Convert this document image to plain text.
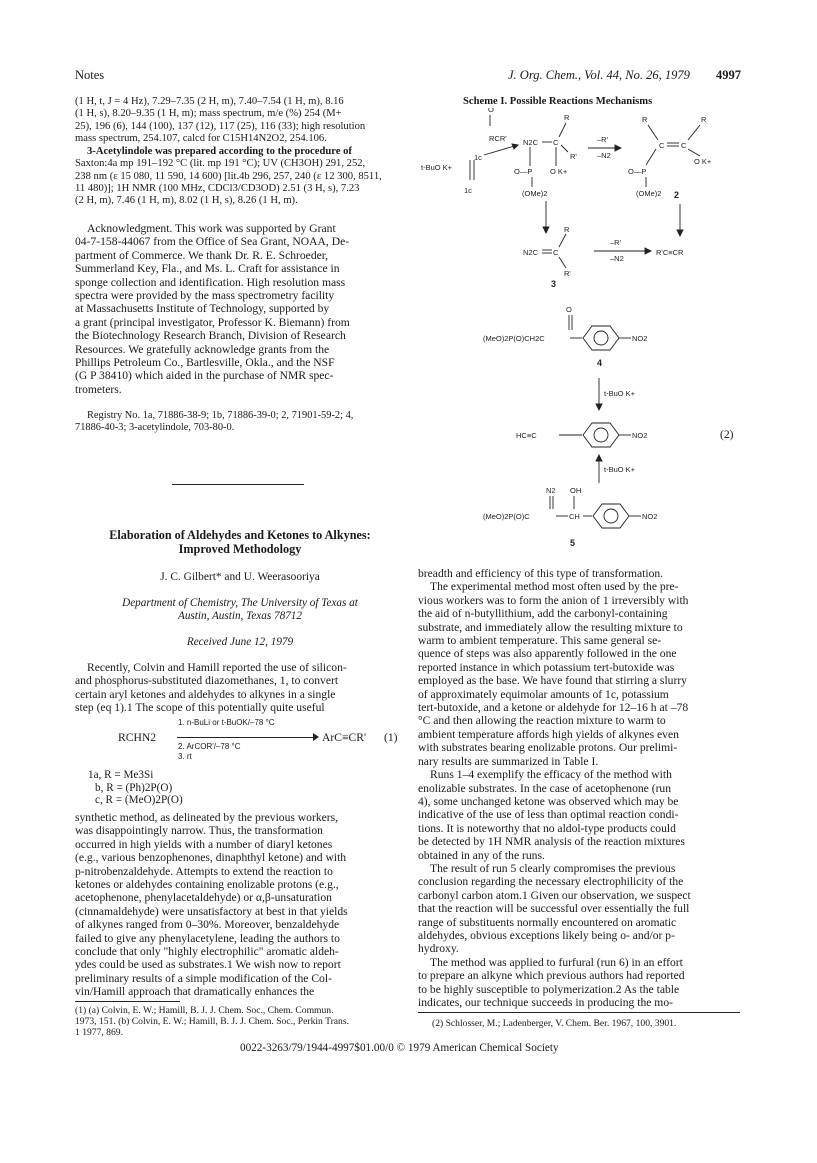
Notes	J. Org. Chem., Vol. 44, No. 26, 1979 4997

(1 H, t, J = 4 Hz), 7.29–7.35 (2 H, m), 7.40–7.54 (1 H, m), 8.16

(1 H, s), 8.20–9.35 (1 H, m); mass spectrum, m/e (%) 254 (M+

25), 196 (6), 144 (100), 137 (12), 117 (25), 116 (33); high resolution

mass spectrum, 254.107, calcd for C15H14N2O2, 254.106.

3-Acetylindole was prepared according to the procedure of

Saxton:4a mp 191–192 °C (lit. mp 191 °C); UV (CH3OH) 291, 252,

238 nm (ε 15 080, 11 590, 14 600) [lit.4b 296, 257, 240 (ε 12 300, 8511,

11 480)]; 1H NMR (100 MHz, CDCl3/CD3OD) 2.51 (3 H, s), 7.23

(2 H, m), 7.46 (1 H, m), 8.02 (1 H, s), 8.26 (1 H, m).

Acknowledgment. This work was supported by Grant

04-7-158-44067 from the Office of Sea Grant, NOAA, De-

partment of Commerce. We thank Dr. R. E. Schroeder,

Summerland Key, Fla., and Ms. L. Craft for assistance in

sponge collection and identification. High resolution mass

spectra were provided by the mass spectrometry facility

at Massachusetts Institute of Technology, supported by

a grant (principal investigator, Professor K. Biemann) from

the Biotechnology Research Branch, Division of Research

Resources. We gratefully acknowledge grants from the

Phillips Petroleum Co., Bartlesville, Okla., and the NSF

(G P 38410) which aided in the purchase of NMR spec-

trometers.

Registry No. 1a, 71886-38-9; 1b, 71886-39-0; 2, 71901-59-2; 4,

71886-40-3; 3-acetylindole, 703-80-0.

Elaboration of Aldehydes and Ketones to Alkynes:

Improved Methodology

J. C. Gilbert* and U. Weerasooriya

Department of Chemistry, The University of Texas at

Austin, Austin, Texas 78712

Received June 12, 1979

Recently, Colvin and Hamill reported the use of silicon-

and phosphorus-substituted diazomethanes, 1, to convert

certain aryl ketones and aldehydes to alkynes in a single

step (eq 1).1 The scope of this potentially quite useful

RCHN2
1. n-BuLi or t-BuOK/–78 °C
2. ArCOR'/–78 °C
3. rt
ArC≡CR' (1)

1a, R = Me3Si

b, R = (Ph)2P(O)

c, R = (MeO)2P(O)

synthetic method, as delineated by the previous workers,

was disappointingly narrow. Thus, the transformation

occurred in high yields with a number of diaryl ketones

(e.g., various benzophenones, dinaphthyl ketone) and with

p-nitrobenzaldehyde. Attempts to extend the reaction to

ketones or aldehydes containing enolizable protons (e.g.,

acetophenone, phenylacetaldehyde) or α,β-unsaturation

(cinnamaldehyde) were unsatisfactory at best in that yields

of alkynes ranged from 0–30%. Moreover, benzaldehyde

failed to give any phenylacetylene, leading the authors to

conclude that only "highly electrophilic" aromatic aldeh-

ydes could be used as substrates.1 We wish now to report

preliminary results of a simple modification of the Col-

vin/Hamill approach that dramatically enhances the

(1) (a) Colvin, E. W.; Hamill, B. J. J. Chem. Soc., Chem. Commun.

1973, 151. (b) Colvin, E. W.; Hamill, B. J. J. Chem. Soc., Perkin Trans.

1 1977, 869.

Scheme I. Possible Reactions Mechanisms
1c
RCR'
t-BuO K+
1c
O
N2C C
R
R'
O—P O K+
(OMe)2
–R'
–N2
R
C C
R
O K+
O—P
(OMe)2 2
N2C C
R
R'
–R'
–N2
R'C≡CR
3
O
(MeO)2P(O)CH2C	NO2
4
t-BuO K+
HC≡C	NO2
t-BuO K+
N2 OH
(MeO)2P(O)C	CH	NO2
5
(2)

breadth and efficiency of this type of transformation.

The experimental method most often used by the pre-

vious workers was to form the anion of 1 irreversibly with

the aid of n-butyllithium, add the carbonyl-containing

substrate, and immediately allow the resulting mixture to

warm to ambient temperature. This same general se-

quence of steps was also apparently followed in the one

reported instance in which potassium tert-butoxide was

employed as the base. We have found that stirring a slurry

of approximately equimolar amounts of 1c, potassium

tert-butoxide, and a ketone or aldehyde for 12–16 h at –78

°C and then allowing the reaction mixture to warm to

ambient temperature affords high yields of alkynes even

with substrates bearing enolizable protons. Our prelimi-

nary results are summarized in Table I.

Runs 1–4 exemplify the efficacy of the method with

enolizable substrates. In the case of acetophenone (run

4), some unchanged ketone was observed which may be

indicative of the use of less than optimal reaction condi-

tions. It is noteworthy that no aldol-type products could

be detected by 1H NMR analysis of the reaction mixtures

obtained in any of the runs.

The result of run 5 clearly compromises the previous

conclusion regarding the necessary electrophilicity of the

carbonyl carbon atom.1 Given our observation, we suspect

that the reaction will be successful over essentially the full

range of substituents normally encountered on aromatic

aldehydes, obvious exceptions likely being o- and/or p-

hydroxy.

The method was applied to furfural (run 6) in an effort

to prepare an alkyne which previous authors had reported

to be highly susceptible to polymerization.2 As the table

indicates, our technique succeeds in producing the mo-

(2) Schlosser, M.; Ladenberger, V. Chem. Ber. 1967, 100, 3901.
0022-3263/79/1944-4997$01.00/0 © 1979 American Chemical Society
